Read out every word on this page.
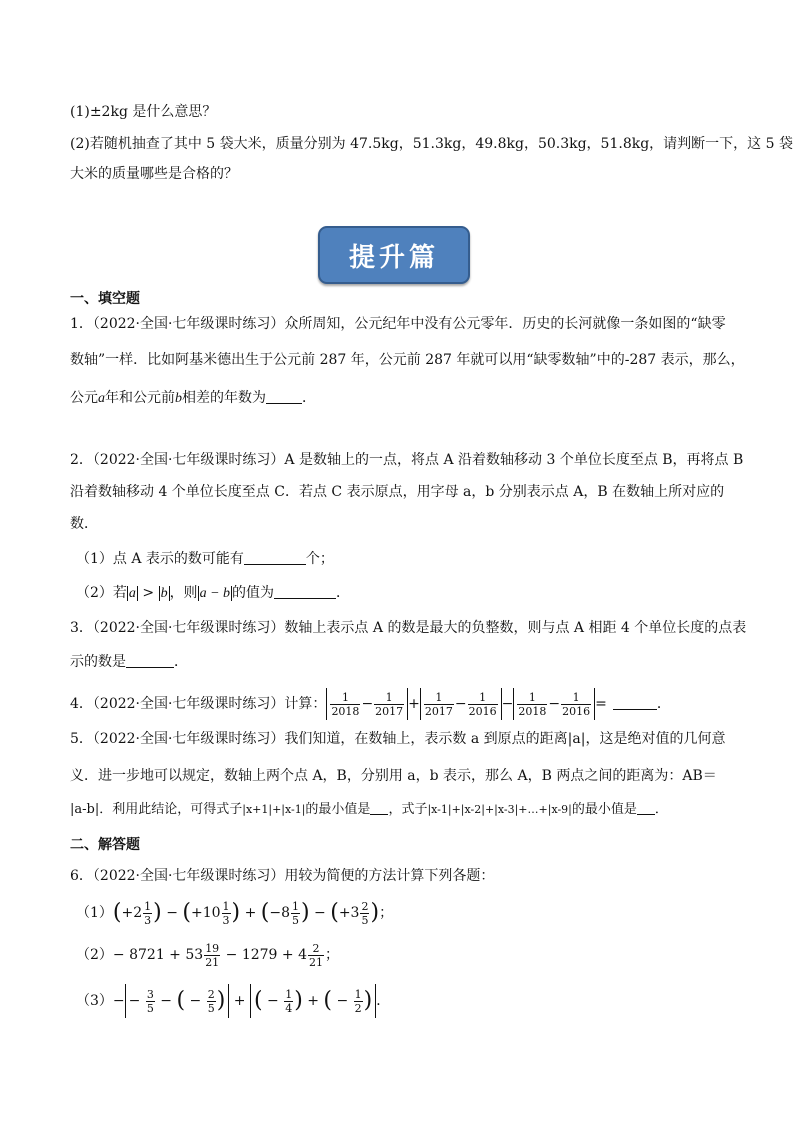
(1)±2kg 是什么意思？
(2)若随机抽查了其中 5 袋大米，质量分别为 47.5kg，51.3kg，49.8kg，50.3kg，51.8kg，请判断一下，这 5 袋
大米的质量哪些是合格的？
提升篇
一、填空题
1．（2022·全国·七年级课时练习）众所周知，公元纪年中没有公元零年．历史的长河就像一条如图的“缺零
数轴”一样．比如阿基米德出生于公元前 287 年，公元前 287 年就可以用“缺零数轴”中的-287 表示，那么，
公元a年和公元前b相差的年数为	．
2．（2022·全国·七年级课时练习）A 是数轴上的一点，将点 A 沿着数轴移动 3 个单位长度至点 B，再将点 B
沿着数轴移动 4 个单位长度至点 C．若点 C 表示原点，用字母 a，b 分别表示点 A，B 在数轴上所对应的
数．
（1）点 A 表示的数可能有	个；
（2）若 a > b ，则 a − b 的值为	．
3．（2022·全国·七年级课时练习）数轴上表示点 A 的数是最大的负整数，则与点 A 相距 4 个单位长度的点表
示的数是	．
4．（2022·全国·七年级课时练习）计算： $\frac{1}{2018} - \frac{1}{2017} + \frac{1}{2017} - \frac{1}{2016} - \frac{1}{2018} - \frac{1}{2016}$ =	．
5．（2022·全国·七年级课时练习）我们知道，在数轴上，表示数 a 到原点的距离|a|，这是绝对值的几何意
义．进一步地可以规定，数轴上两个点 A，B，分别用 a，b 表示，那么 A，B 两点之间的距离为：AB＝
|a-b|．利用此结论，可得式子|x+1|+|x-1|的最小值是 ，式子|x-1|+|x-2|+|x-3|+…+|x-9|的最小值是 ．
二、解答题
6．（2022·全国·七年级课时练习）用较为简便的方法计算下列各题：
$(1)(+2 \frac{1}{3}$ ) − ($+10 \frac{1}{3}$ ) + ($-8 \frac{1}{5}$ ) − ($+3 \frac{2}{5}$ )；
$(2)- 8721 + 53 \frac{19}{21} - 1279 + 4 \frac{2}{21}$ ；
$(3)-- \frac{3}{5}$ − ( − $\frac{2}{5}$ ) + ( − $\frac{1}{4}$ ) + ( − $\frac{1}{2}$ ) ．
